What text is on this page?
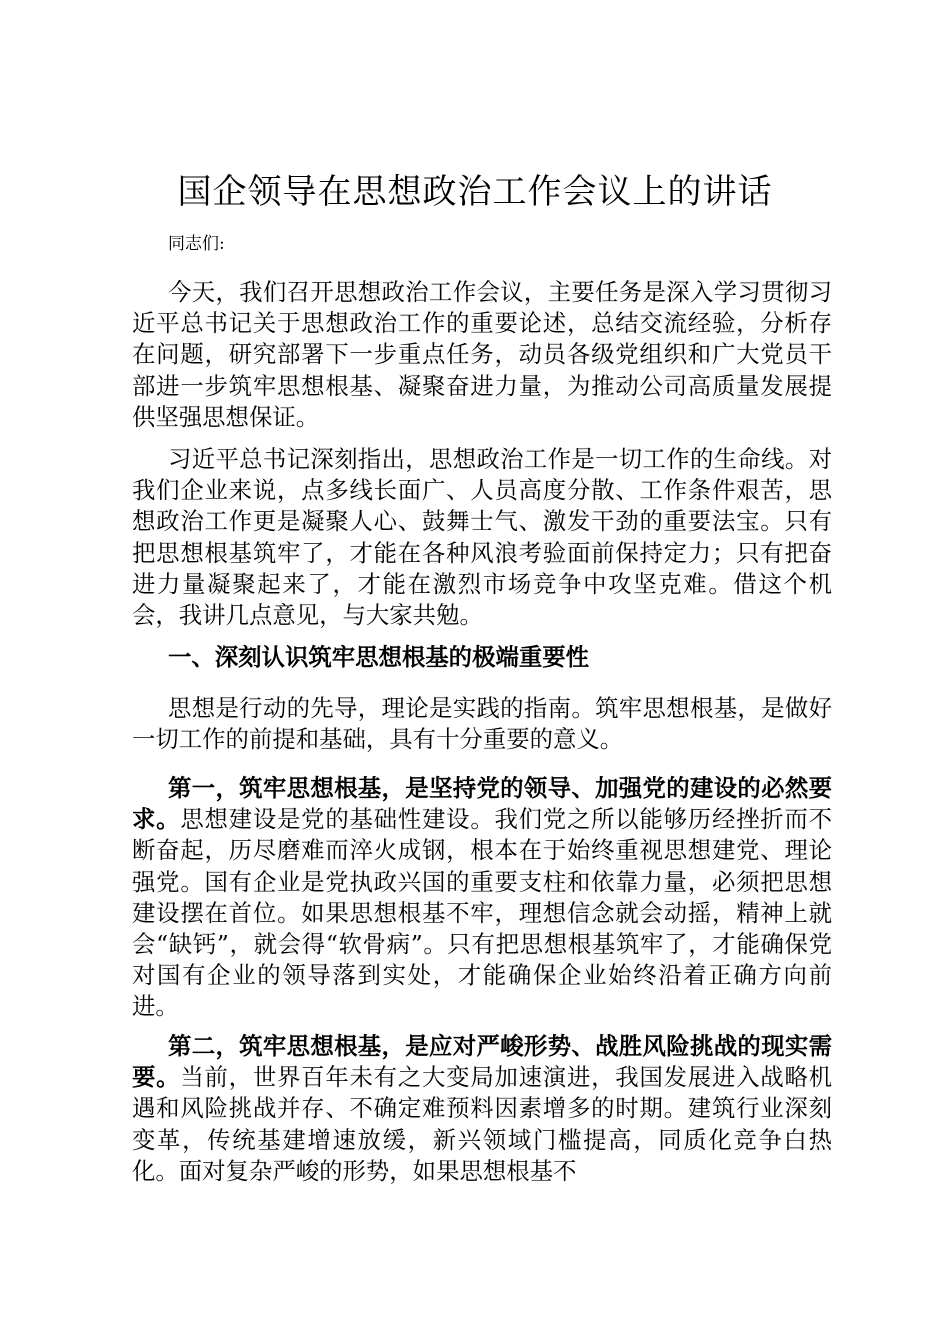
国企领导在思想政治工作会议上的讲话
同志们:

今天，我们召开思想政治工作会议，主要任务是深入学习贯彻习近平总书记关于思想政治工作的重要论述，总结交流经验，分析存在问题，研究部署下一步重点任务，动员各级党组织和广大党员干部进一步筑牢思想根基、凝聚奋进力量，为推动公司高质量发展提供坚强思想保证。

习近平总书记深刻指出，思想政治工作是一切工作的生命线。对我们企业来说，点多线长面广、人员高度分散、工作条件艰苦，思想政治工作更是凝聚人心、鼓舞士气、激发干劲的重要法宝。只有把思想根基筑牢了，才能在各种风浪考验面前保持定力；只有把奋进力量凝聚起来了，才能在激烈市场竞争中攻坚克难。借这个机会，我讲几点意见，与大家共勉。

一、深刻认识筑牢思想根基的极端重要性

思想是行动的先导，理论是实践的指南。筑牢思想根基，是做好一切工作的前提和基础，具有十分重要的意义。

第一，筑牢思想根基，是坚持党的领导、加强党的建设的必然要求。思想建设是党的基础性建设。我们党之所以能够历经挫折而不断奋起，历尽磨难而淬火成钢，根本在于始终重视思想建党、理论强党。国有企业是党执政兴国的重要支柱和依靠力量，必须把思想建设摆在首位。如果思想根基不牢，理想信念就会动摇，精神上就会“缺钙”，就会得“软骨病”。只有把思想根基筑牢了，才能确保党对国有企业的领导落到实处，才能确保企业始终沿着正确方向前进。

第二，筑牢思想根基，是应对严峻形势、战胜风险挑战的现实需要。当前，世界百年未有之大变局加速演进，我国发展进入战略机遇和风险挑战并存、不确定难预料因素增多的时期。建筑行业深刻变革，传统基建增速放缓，新兴领域门槛提高，同质化竞争白热化。面对复杂严峻的形势，如果思想根基不
